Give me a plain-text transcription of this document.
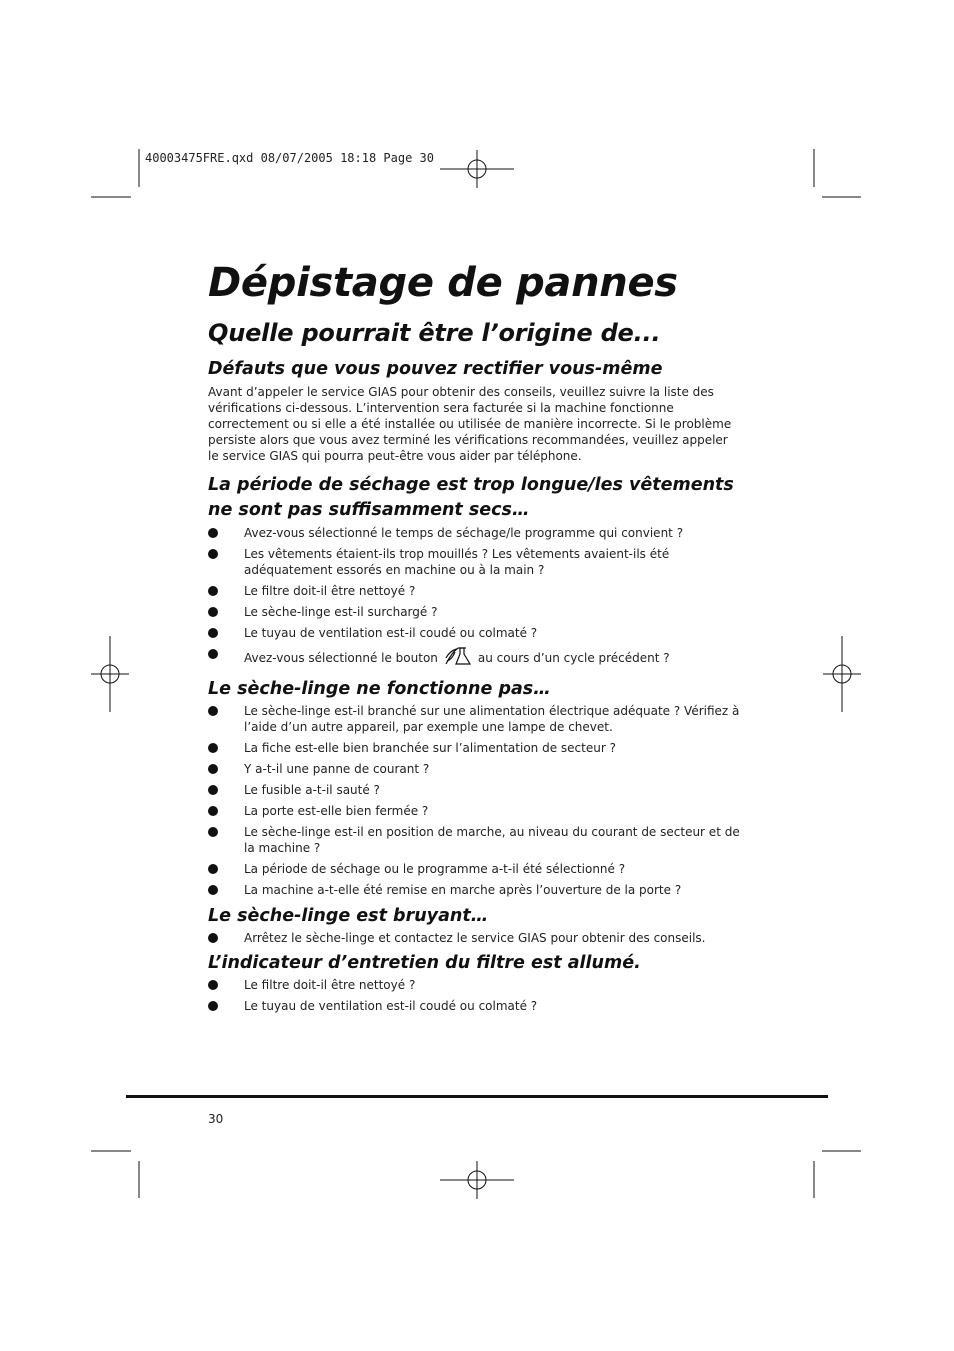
40003475FRE.qxd 08/07/2005 18:18 Page 30
Dépistage de pannes
Quelle pourrait être l’origine de...
Défauts que vous pouvez rectifier vous-même

Avant d’appeler le service GIAS pour obtenir des conseils, veuillez suivre la liste des vérifications ci-dessous. L’intervention sera facturée si la machine fonctionne correctement ou si elle a été installée ou utilisée de manière incorrecte. Si le problème persiste alors que vous avez terminé les vérifications recommandées, veuillez appeler le service GIAS qui pourra peut-être vous aider par téléphone.

La période de séchage est trop longue/les vêtements ne sont pas suffisamment secs…
Avez-vous sélectionné le temps de séchage/le programme qui convient ?
Les vêtements étaient-ils trop mouillés ? Les vêtements avaient-ils été adéquatement essorés en machine ou à la main ?
Le filtre doit-il être nettoyé ?
Le sèche-linge est-il surchargé ?
Le tuyau de ventilation est-il coudé ou colmaté ?
Avez-vous sélectionné le bouton	au cours d’un cycle précédent ?
Le sèche-linge ne fonctionne pas…
Le sèche-linge est-il branché sur une alimentation électrique adéquate ? Vérifiez à l’aide d’un autre appareil, par exemple une lampe de chevet.
La fiche est-elle bien branchée sur l’alimentation de secteur ?
Y a-t-il une panne de courant ?
Le fusible a-t-il sauté ?
La porte est-elle bien fermée ?
Le sèche-linge est-il en position de marche, au niveau du courant de secteur et de la machine ?
La période de séchage ou le programme a-t-il été sélectionné ?
La machine a-t-elle été remise en marche après l’ouverture de la porte ?
Le sèche-linge est bruyant…
Arrêtez le sèche-linge et contactez le service GIAS pour obtenir des conseils.
L’indicateur d’entretien du filtre est allumé.
Le filtre doit-il être nettoyé ?
Le tuyau de ventilation est-il coudé ou colmaté ?
30
